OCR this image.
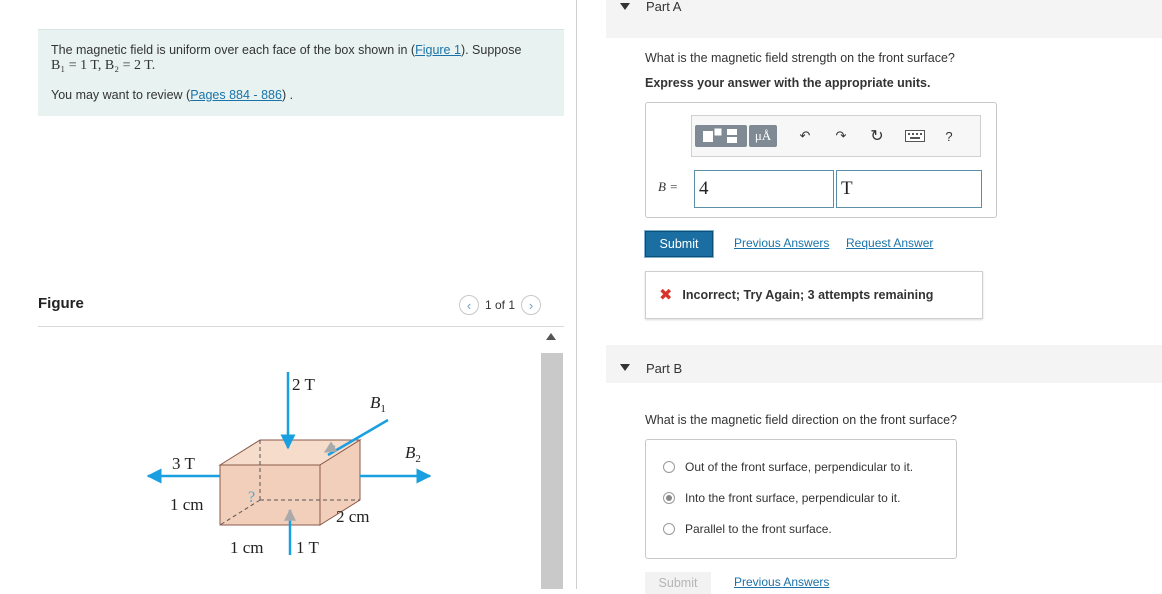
The magnetic field is uniform over each face of the box shown in (Figure 1). Suppose
B₁ = 1 T, B₂ = 2 T.
You may want to review (Pages 884 - 886) .
Figure	‹ 1 of 1 ›
2 T
$B_1$
$B_2$
3 T
?
1 cm
2 cm
1 cm 1 T
Part A
What is the magnetic field strength on the front surface?
Express your answer with the appropriate units.
μÅ ↶ ↷ ↻	?
B = 4	T
Submit	Previous Answers Request Answer
✖ Incorrect; Try Again; 3 attempts remaining
Part B
What is the magnetic field direction on the front surface?
Out of the front surface, perpendicular to it.
Into the front surface, perpendicular to it.
Parallel to the front surface.
Submit	Previous Answers
